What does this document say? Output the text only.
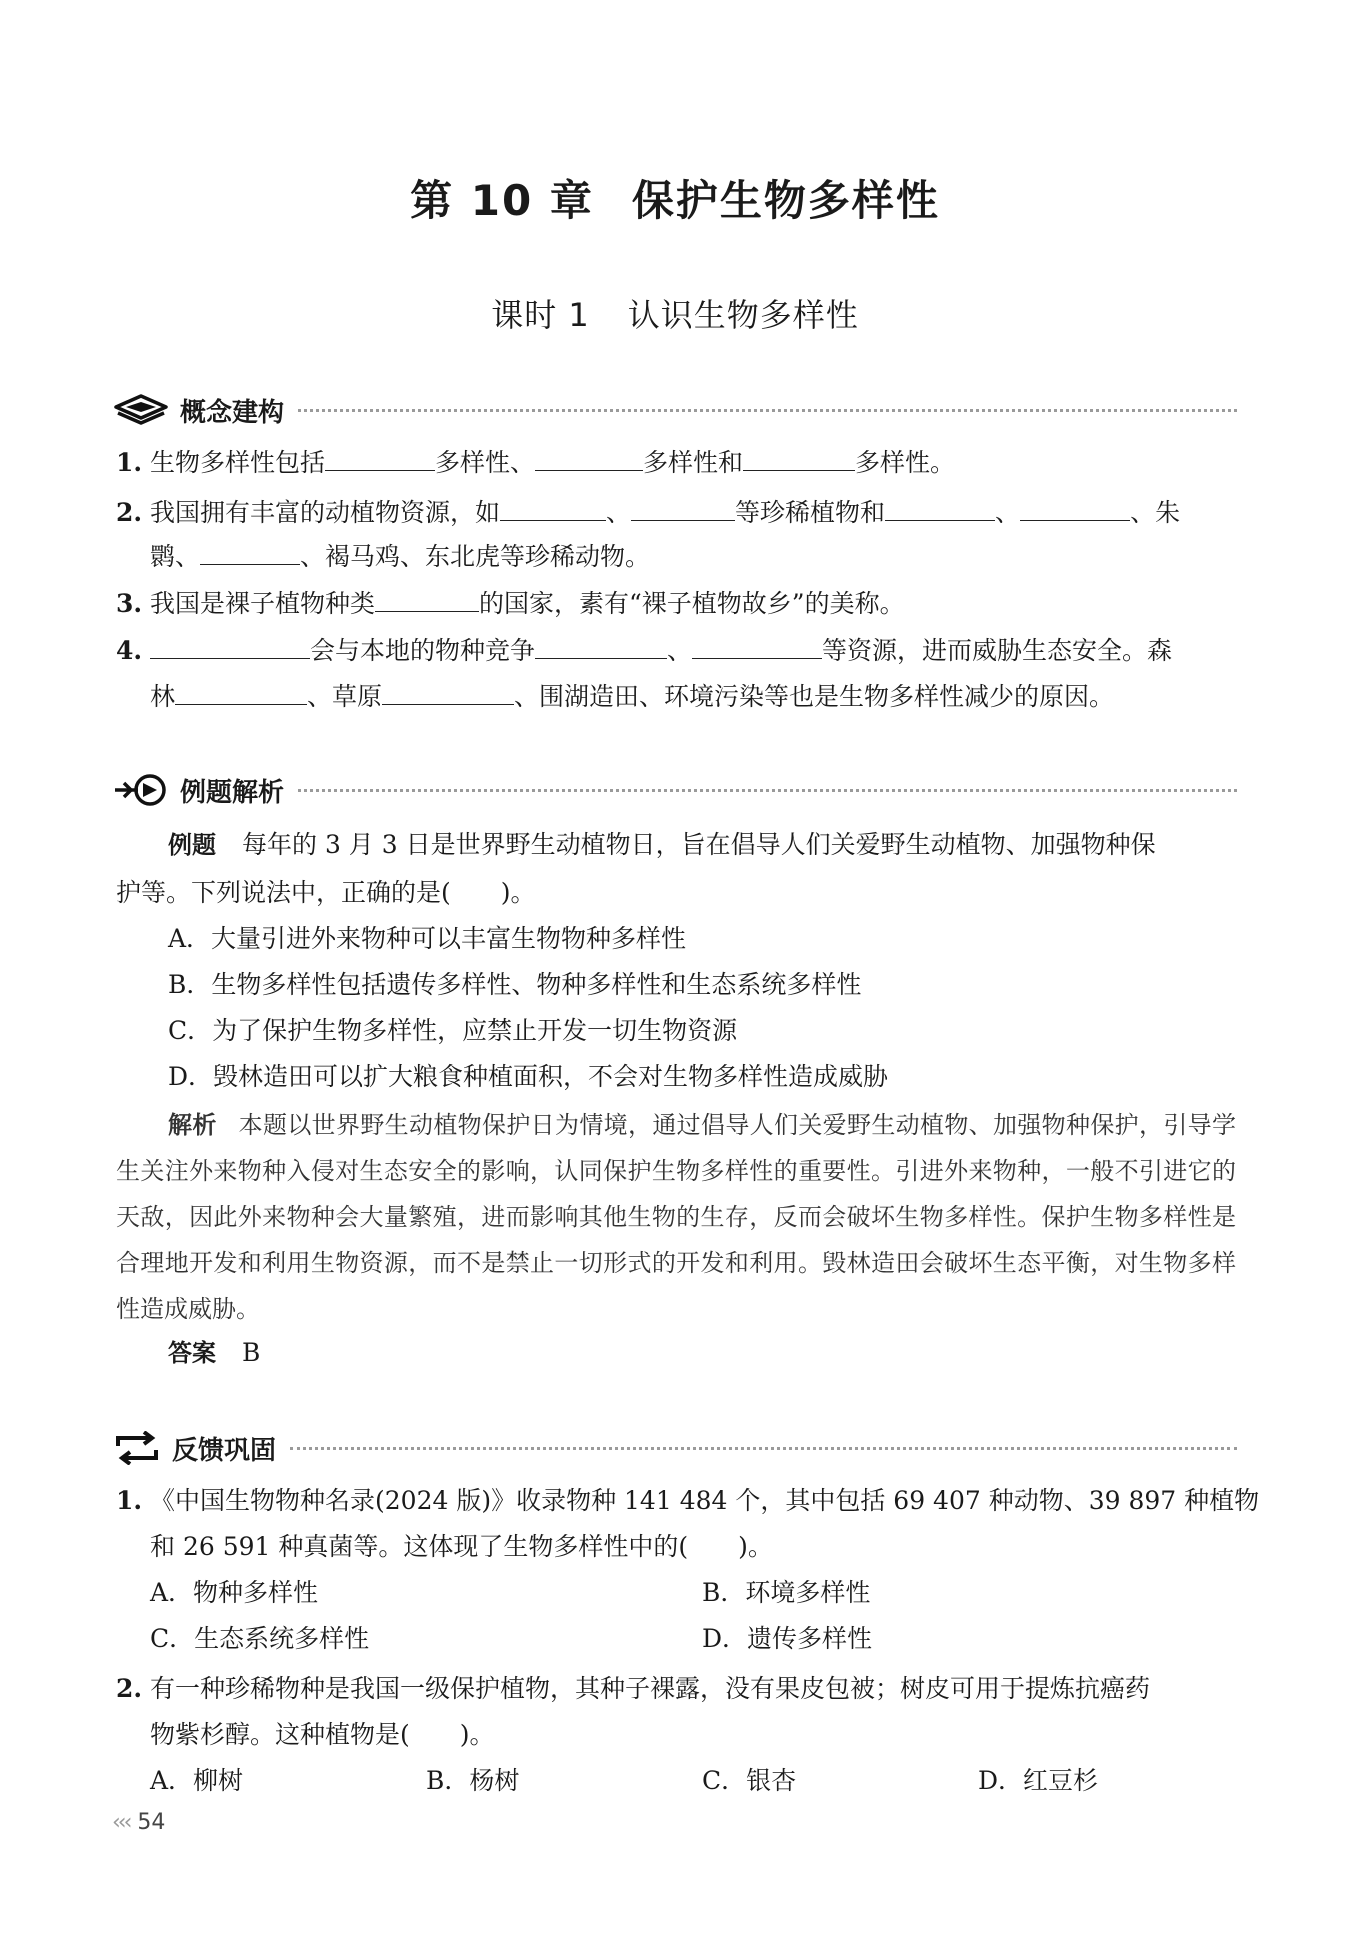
第 10 章 保护生物多样性
课时 1 认识生物多样性
概念建构
1. 生物多样性包括	多样性、	多样性和	多样性。
2. 我国拥有丰富的动植物资源，如	、	等珍稀植物和	、	、朱
鹮、	、褐马鸡、东北虎等珍稀动物。
3. 我国是裸子植物种类	的国家，素有“裸子植物故乡”的美称。
4.	会与本地的物种竞争	、	等资源，进而威胁生态安全。森
林	、草原	、围湖造田、环境污染等也是生物多样性减少的原因。
例题解析
例题 每年的 3 月 3 日是世界野生动植物日，旨在倡导人们关爱野生动植物、加强物种保
护等。下列说法中，正确的是(　　)。
A．大量引进外来物种可以丰富生物物种多样性
B．生物多样性包括遗传多样性、物种多样性和生态系统多样性
C．为了保护生物多样性，应禁止开发一切生物资源
D．毁林造田可以扩大粮食种植面积，不会对生物多样性造成威胁
解析 本题以世界野生动植物保护日为情境，通过倡导人们关爱野生动植物、加强物种保护，引导学生关注外来物种入侵对生态安全的影响，认同保护生物多样性的重要性。引进外来物种，一般不引进它的天敌，因此外来物种会大量繁殖，进而影响其他生物的生存，反而会破坏生物多样性。保护生物多样性是合理地开发和利用生物资源，而不是禁止一切形式的开发和利用。毁林造田会破坏生态平衡，对生物多样性造成威胁。
答案 B
反馈巩固
1. 《中国生物物种名录(2024 版)》收录物种 141 484 个，其中包括 69 407 种动物、39 897 种植物
和 26 591 种真菌等。这体现了生物多样性中的(　　)。
A．物种多样性	B．环境多样性
C．生态系统多样性	D．遗传多样性
2. 有一种珍稀物种是我国一级保护植物，其种子裸露，没有果皮包被；树皮可用于提炼抗癌药
物紫杉醇。这种植物是(　　)。
A．柳树	B．杨树	C．银杏	D．红豆杉
‹‹‹ 54
